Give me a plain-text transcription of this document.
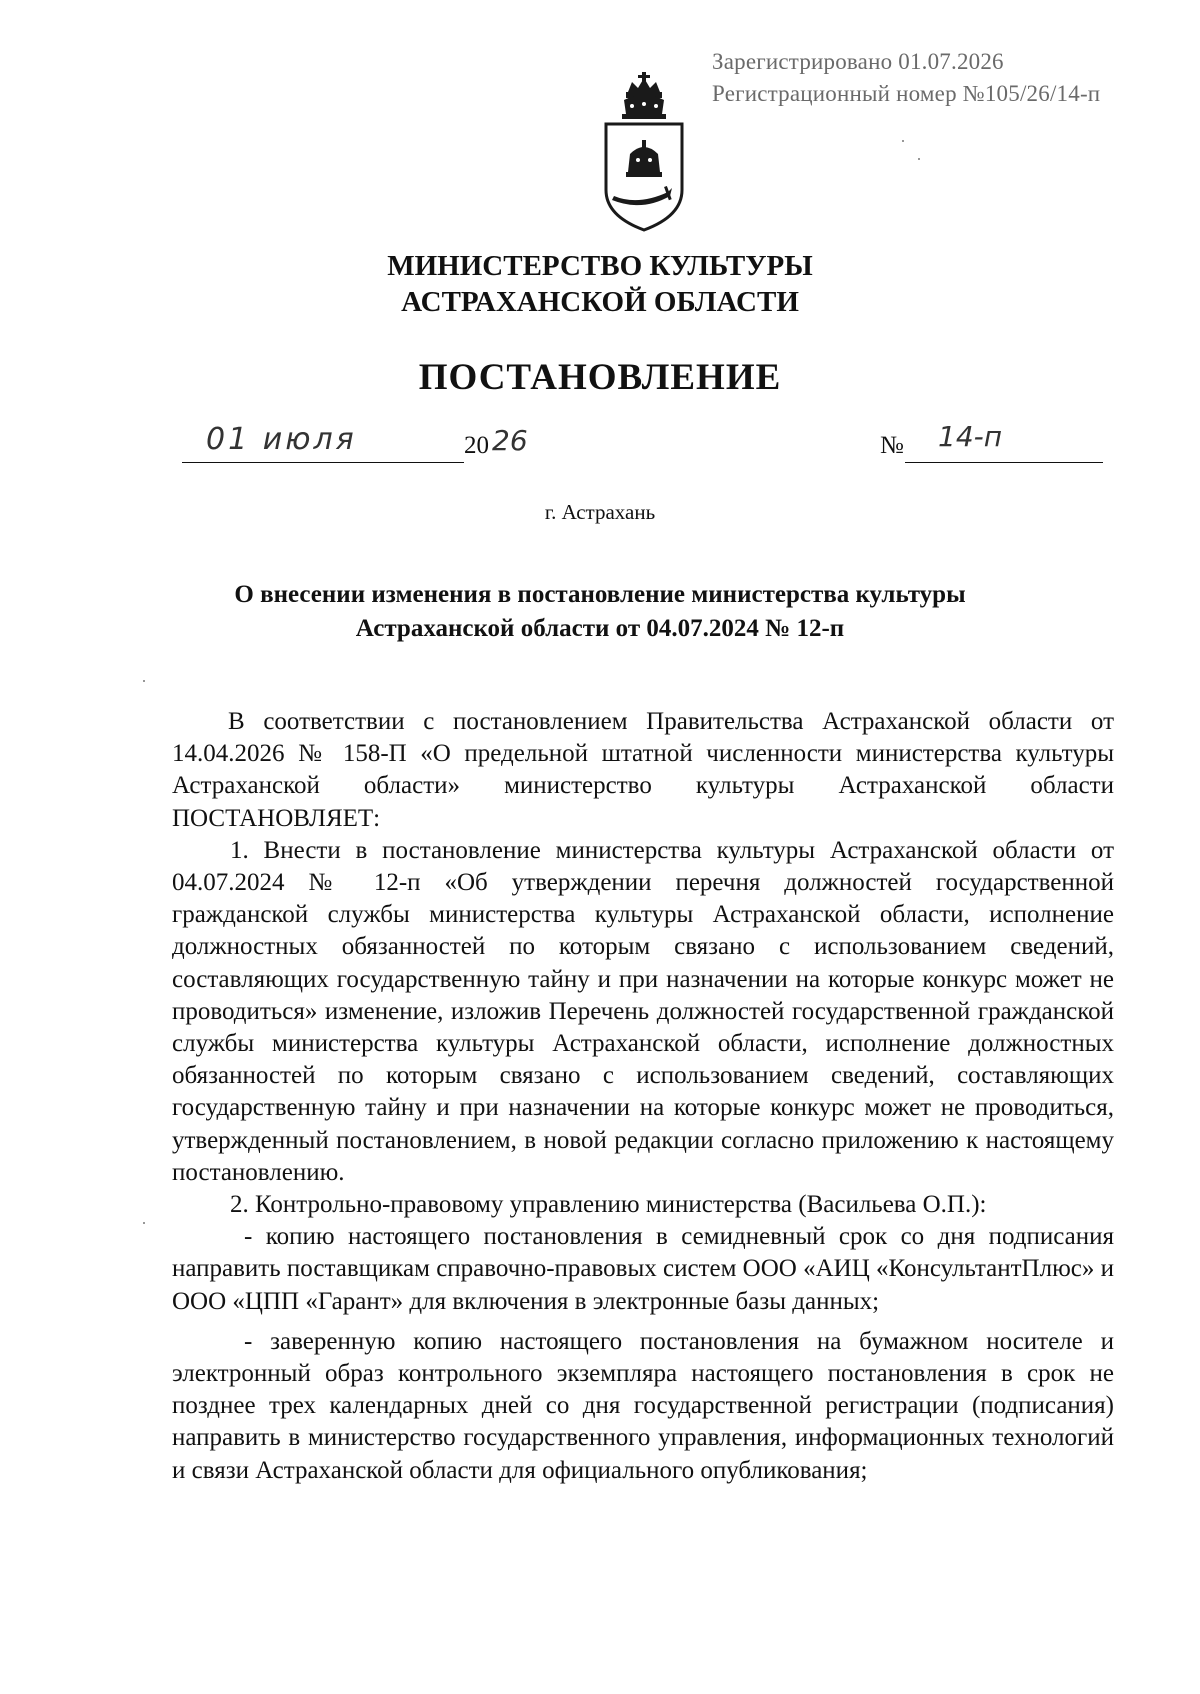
Зарегистрировано 01.07.2026
Регистрационный номер №105/26/14-п
МИНИСТЕРСТВО КУЛЬТУРЫ
АСТРАХАНСКОЙ ОБЛАСТИ
ПОСТАНОВЛЕНИЕ
01 июля	20 26	№ 14-п
г. Астрахань
О внесении изменения в постановление министерства культуры
Астраханской области от 04.07.2024 № 12-п

В соответствии с постановлением Правительства Астраханской области от 14.04.2026 № 158-П «О предельной штатной численности министерства культуры Астраханской области» министерство культуры Астраханской области ПОСТАНОВЛЯЕТ:

1. Внести в постановление министерства культуры Астраханской области от 04.07.2024 № 12-п «Об утверждении перечня должностей государственной гражданской службы министерства культуры Астраханской области, исполнение должностных обязанностей по которым связано с использованием сведений, составляющих государственную тайну и при назначении на которые конкурс может не проводиться» изменение, изложив Перечень должностей государственной гражданской службы министерства культуры Астраханской области, исполнение должностных обязанностей по которым связано с использованием сведений, составляющих государственную тайну и при назначении на которые конкурс может не проводиться, утвержденный постановлением, в новой редакции согласно приложению к настоящему постановлению.

2. Контрольно-правовому управлению министерства (Васильева О.П.):

- копию настоящего постановления в семидневный срок со дня подписания направить поставщикам справочно-правовых систем ООО «АИЦ «КонсультантПлюс» и ООО «ЦПП «Гарант» для включения в электронные базы данных;

- заверенную копию настоящего постановления на бумажном носителе и электронный образ контрольного экземпляра настоящего постановления в срок не позднее трех календарных дней со дня государственной регистрации (подписания) направить в министерство государственного управления, информационных технологий и связи Астраханской области для официального опубликования;
